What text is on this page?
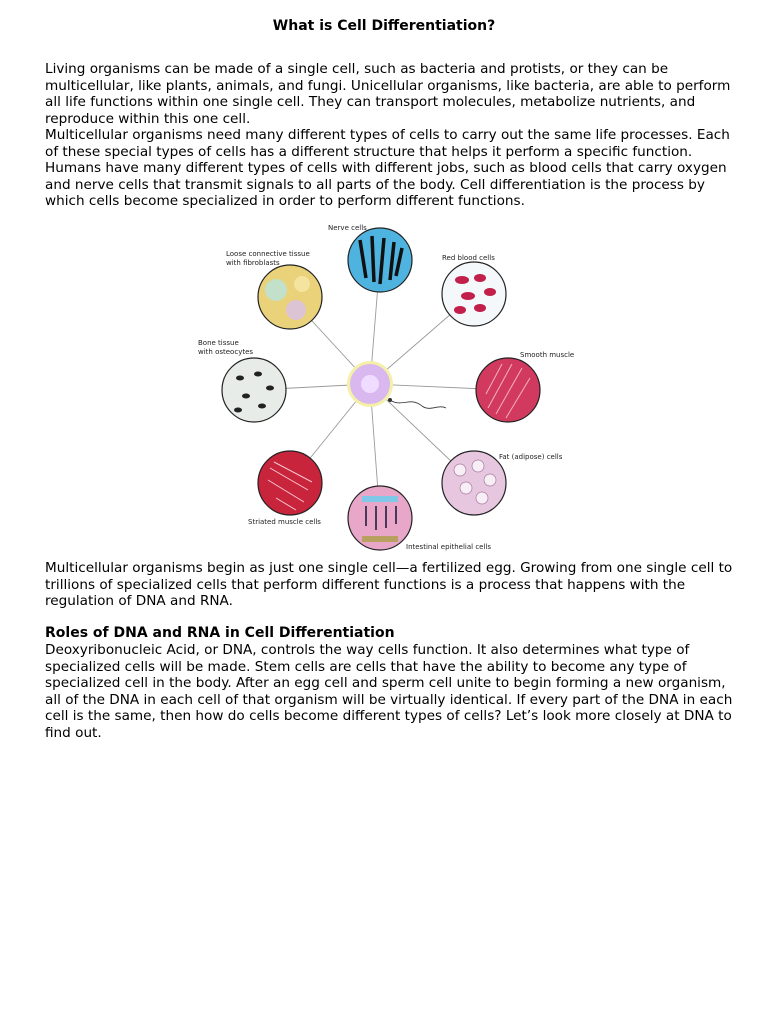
What is Cell Differentiation?

Living organisms can be made of a single cell, such as bacteria and protists, or they can be multicellular, like plants, animals, and fungi. Unicellular organisms, like bacteria, are able to perform all life functions within one single cell. They can transport molecules, metabolize nutrients, and reproduce within this one cell.

Multicellular organisms need many different types of cells to carry out the same life processes. Each of these special types of cells has a different structure that helps it perform a specific function. Humans have many different types of cells with different jobs, such as blood cells that carry oxygen and nerve cells that transmit signals to all parts of the body. Cell differentiation is the process by which cells become specialized in order to perform different functions.

Nerve cells
Red blood cells
Loose connective tissue
with fibroblasts
Bone tissue
with osteocytes	Smooth muscle
Fat (adipose) cells
Striated muscle cells
Intestinal epithelial cells

Multicellular organisms begin as just one single cell—a fertilized egg. Growing from one single cell to trillions of specialized cells that perform different functions is a process that happens with the regulation of DNA and RNA.

Roles of DNA and RNA in Cell Differentiation

Deoxyribonucleic Acid, or DNA, controls the way cells function. It also determines what type of specialized cells will be made. Stem cells are cells that have the ability to become any type of specialized cell in the body. After an egg cell and sperm cell unite to begin forming a new organism, all of the DNA in each cell of that organism will be virtually identical. If every part of the DNA in each cell is the same, then how do cells become different types of cells? Let’s look more closely at DNA to find out.
